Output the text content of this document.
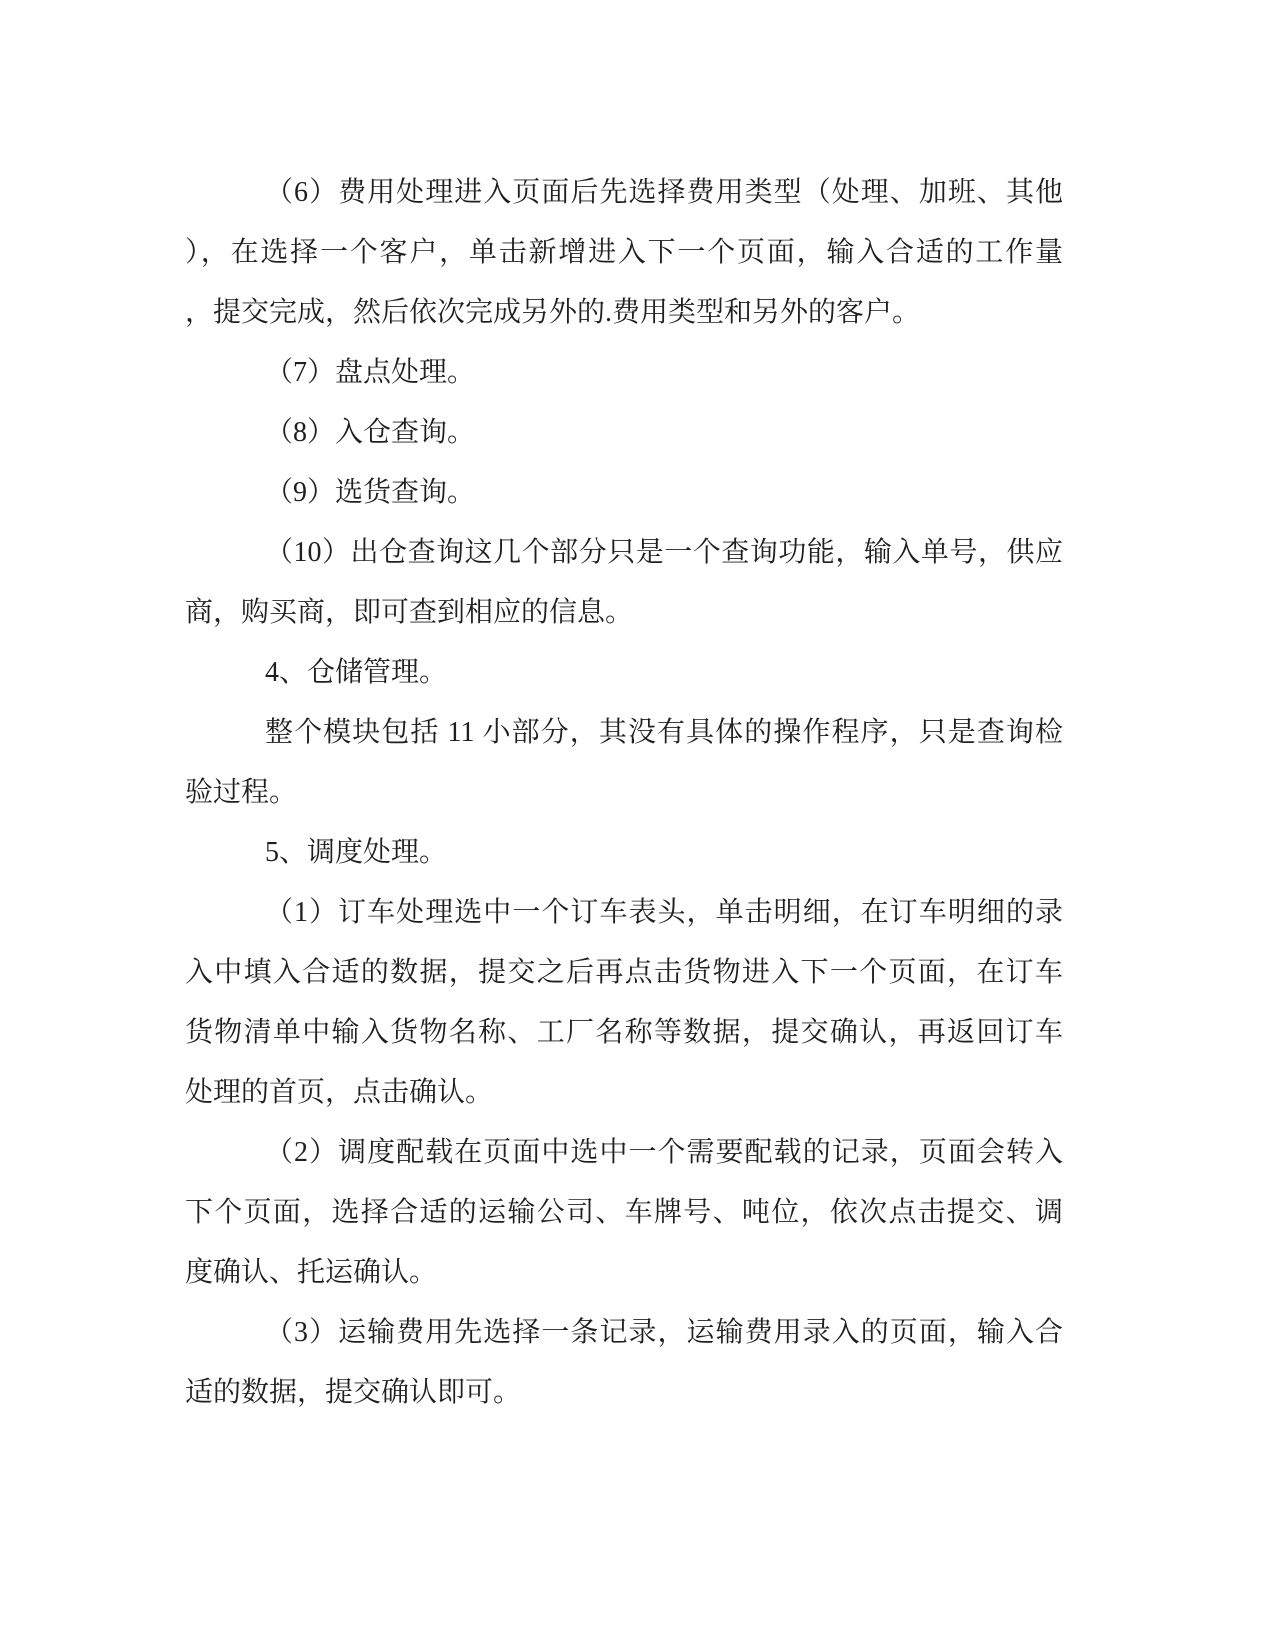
（6）费用处理进入页面后先选择费用类型（处理、加班、其他
），在选择一个客户，单击新增进入下一个页面，输入合适的工作量
，提交完成，然后依次完成另外的.费用类型和另外的客户。
（7）盘点处理。
（8）入仓查询。
（9）选货查询。
（10）出仓查询这几个部分只是一个查询功能，输入单号，供应
商，购买商，即可查到相应的信息。
4、仓储管理。
整个模块包括 11 小部分，其没有具体的操作程序，只是查询检
验过程。
5、调度处理。
（1）订车处理选中一个订车表头，单击明细，在订车明细的录
入中填入合适的数据，提交之后再点击货物进入下一个页面，在订车
货物清单中输入货物名称、工厂名称等数据，提交确认，再返回订车
处理的首页，点击确认。
（2）调度配载在页面中选中一个需要配载的记录，页面会转入
下个页面，选择合适的运输公司、车牌号、吨位，依次点击提交、调
度确认、托运确认。
（3）运输费用先选择一条记录，运输费用录入的页面，输入合
适的数据，提交确认即可。
